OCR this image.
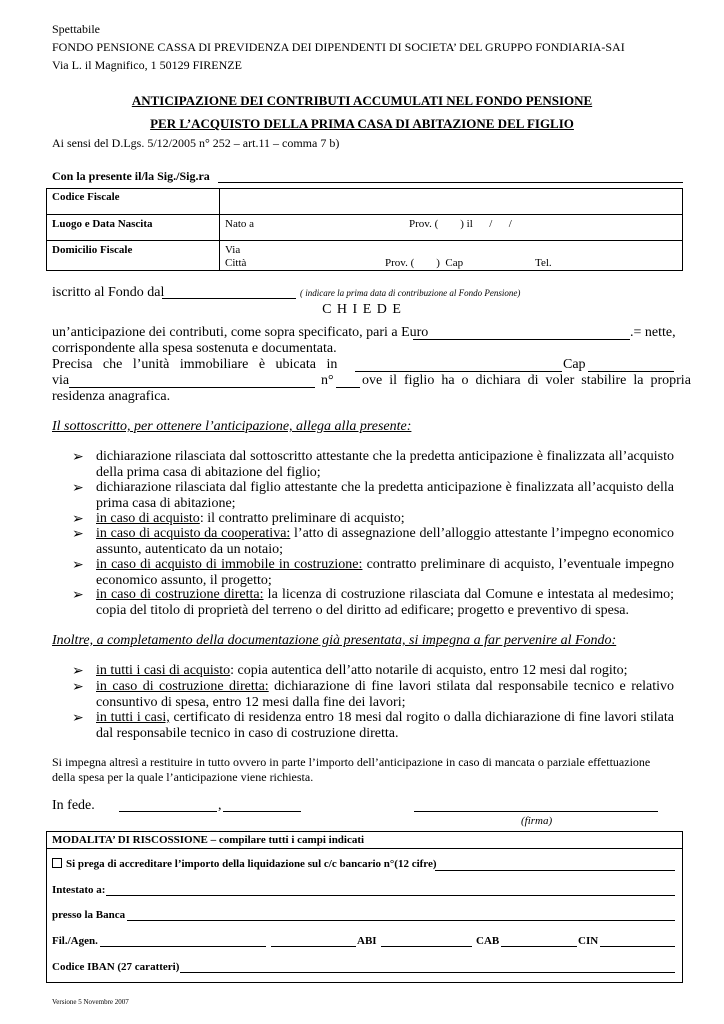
Spettabile
FONDO PENSIONE CASSA DI PREVIDENZA DEI DIPENDENTI DI SOCIETA’ DEL GRUPPO FONDIARIA-SAI
Via L. il Magnifico, 1 50129 FIRENZE
ANTICIPAZIONE DEI CONTRIBUTI ACCUMULATI NEL FONDO PENSIONE
PER L’ACQUISTO DELLA PRIMA CASA DI ABITAZIONE DEL FIGLIO
Ai sensi del D.Lgs. 5/12/2005 n° 252 – art.11 – comma 7 b)
Con la presente il/la Sig./Sig.ra
Codice Fiscale
Luogo e Data Nascita	Nato a	Prov. (        ) il      /      /
Domicilio Fiscale	Via
Città	Prov. (        )  Cap	Tel.
iscritto al Fondo dal	( indicare la prima data di contribuzione al Fondo Pensione)
C H I E D E
un’anticipazione dei contributi, come sopra specificato, pari a Euro	.= nette,
corrispondente alla spesa sostenuta e documentata.
Precisa   che   l’unità   immobiliare   è   ubicata   in	Cap
via	n° ove  il  figlio  ha  o  dichiara  di  voler  stabilire  la  propria
residenza anagrafica.
Il sottoscritto, per ottenere l’anticipazione, allega alla presente:
➢ dichiarazione rilasciata dal sottoscritto attestante che la predetta anticipazione è finalizzata all’acquisto della prima casa di abitazione del figlio;
➢ dichiarazione rilasciata dal figlio attestante che la predetta anticipazione è finalizzata all’acquisto della prima casa di abitazione;
➢ in caso di acquisto: il contratto preliminare di acquisto;
➢ in caso di acquisto da cooperativa: l’atto di assegnazione dell’alloggio attestante l’impegno economico assunto, autenticato da un notaio;
➢ in caso di acquisto di immobile in costruzione: contratto preliminare di acquisto, l’eventuale impegno economico assunto, il progetto;
➢ in caso di costruzione diretta: la licenza di costruzione rilasciata dal Comune e intestata al medesimo; copia del titolo di proprietà del terreno o del diritto ad edificare; progetto e preventivo di spesa.
Inoltre, a completamento della documentazione già presentata, si impegna a far pervenire al Fondo:
➢ in tutti i casi di acquisto: copia autentica dell’atto notarile di acquisto, entro 12 mesi dal rogito;
➢ in caso di costruzione diretta: dichiarazione di fine lavori stilata dal responsabile tecnico e relativo consuntivo di spesa, entro 12 mesi dalla fine dei lavori;
➢ in tutti i casi, certificato di residenza entro 18 mesi dal rogito o dalla dichiarazione di fine lavori stilata dal responsabile tecnico in caso di costruzione diretta.
Si impegna altresì a restituire in tutto ovvero in parte l’importo dell’anticipazione in caso di mancata o parziale effettuazione della spesa per la quale l’anticipazione viene richiesta.
In fede.	,
(firma)
MODALITA’ DI RISCOSSIONE – compilare tutti i campi indicati
Si prega di accreditare l’importo della liquidazione sul c/c bancario n°(12 cifre)
Intestato a:
presso la Banca
Fil./Agen.	ABI	CAB	CIN
Codice IBAN (27 caratteri)
Versione 5 Novembre 2007
